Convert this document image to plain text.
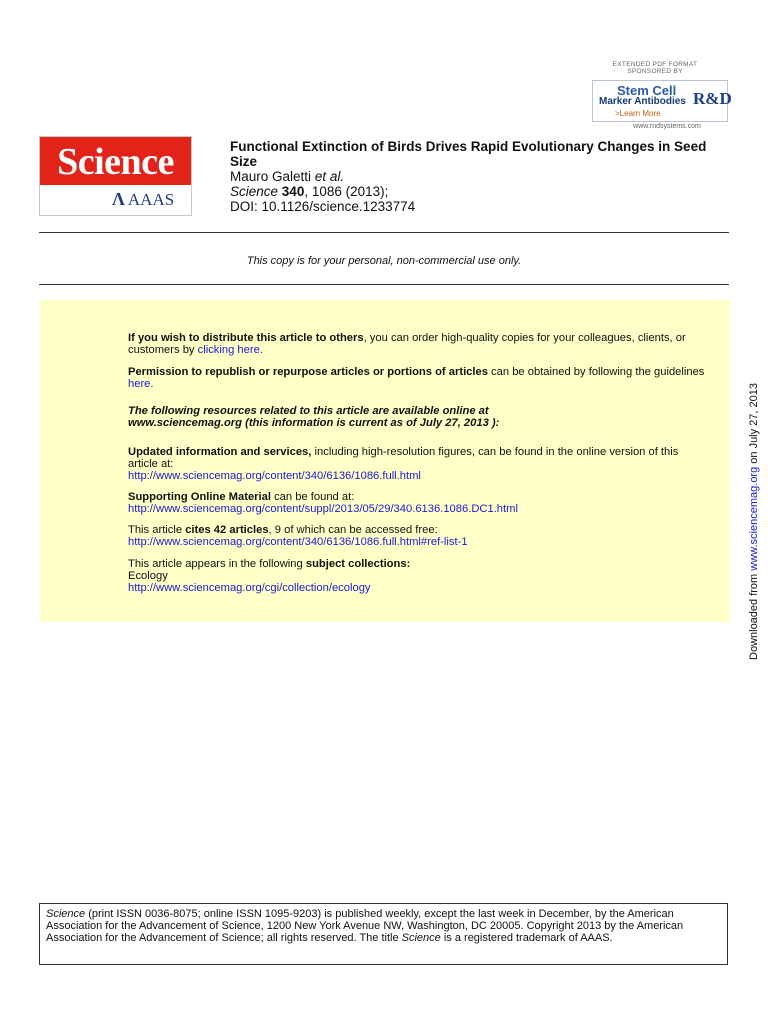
EXTENDED PDF FORMAT
SPONSORED BY
Stem Cell
Marker Antibodies
>Learn More
R&D
www.rndsystems.com
Science
Λ AAAS
Functional Extinction of Birds Drives Rapid Evolutionary Changes in Seed Size
Mauro Galetti et al.
Science 340, 1086 (2013);
DOI: 10.1126/science.1233774
This copy is for your personal, non-commercial use only.
If you wish to distribute this article to others, you can order high-quality copies for your colleagues, clients, or customers by clicking here.
Permission to republish or repurpose articles or portions of articles can be obtained by following the guidelines here.
The following resources related to this article are available online at
www.sciencemag.org (this information is current as of July 27, 2013 ):
Updated information and services, including high-resolution figures, can be found in the online version of this article at:
http://www.sciencemag.org/content/340/6136/1086.full.html
Supporting Online Material can be found at:
http://www.sciencemag.org/content/suppl/2013/05/29/340.6136.1086.DC1.html
This article cites 42 articles, 9 of which can be accessed free:
http://www.sciencemag.org/content/340/6136/1086.full.html#ref-list-1
This article appears in the following subject collections:
Ecology
http://www.sciencemag.org/cgi/collection/ecology	Downloaded from www.sciencemag.org on July 27, 2013
Science (print ISSN 0036-8075; online ISSN 1095-9203) is published weekly, except the last week in December, by the American Association for the Advancement of Science, 1200 New York Avenue NW, Washington, DC 20005. Copyright 2013 by the American Association for the Advancement of Science; all rights reserved. The title Science is a registered trademark of AAAS.
